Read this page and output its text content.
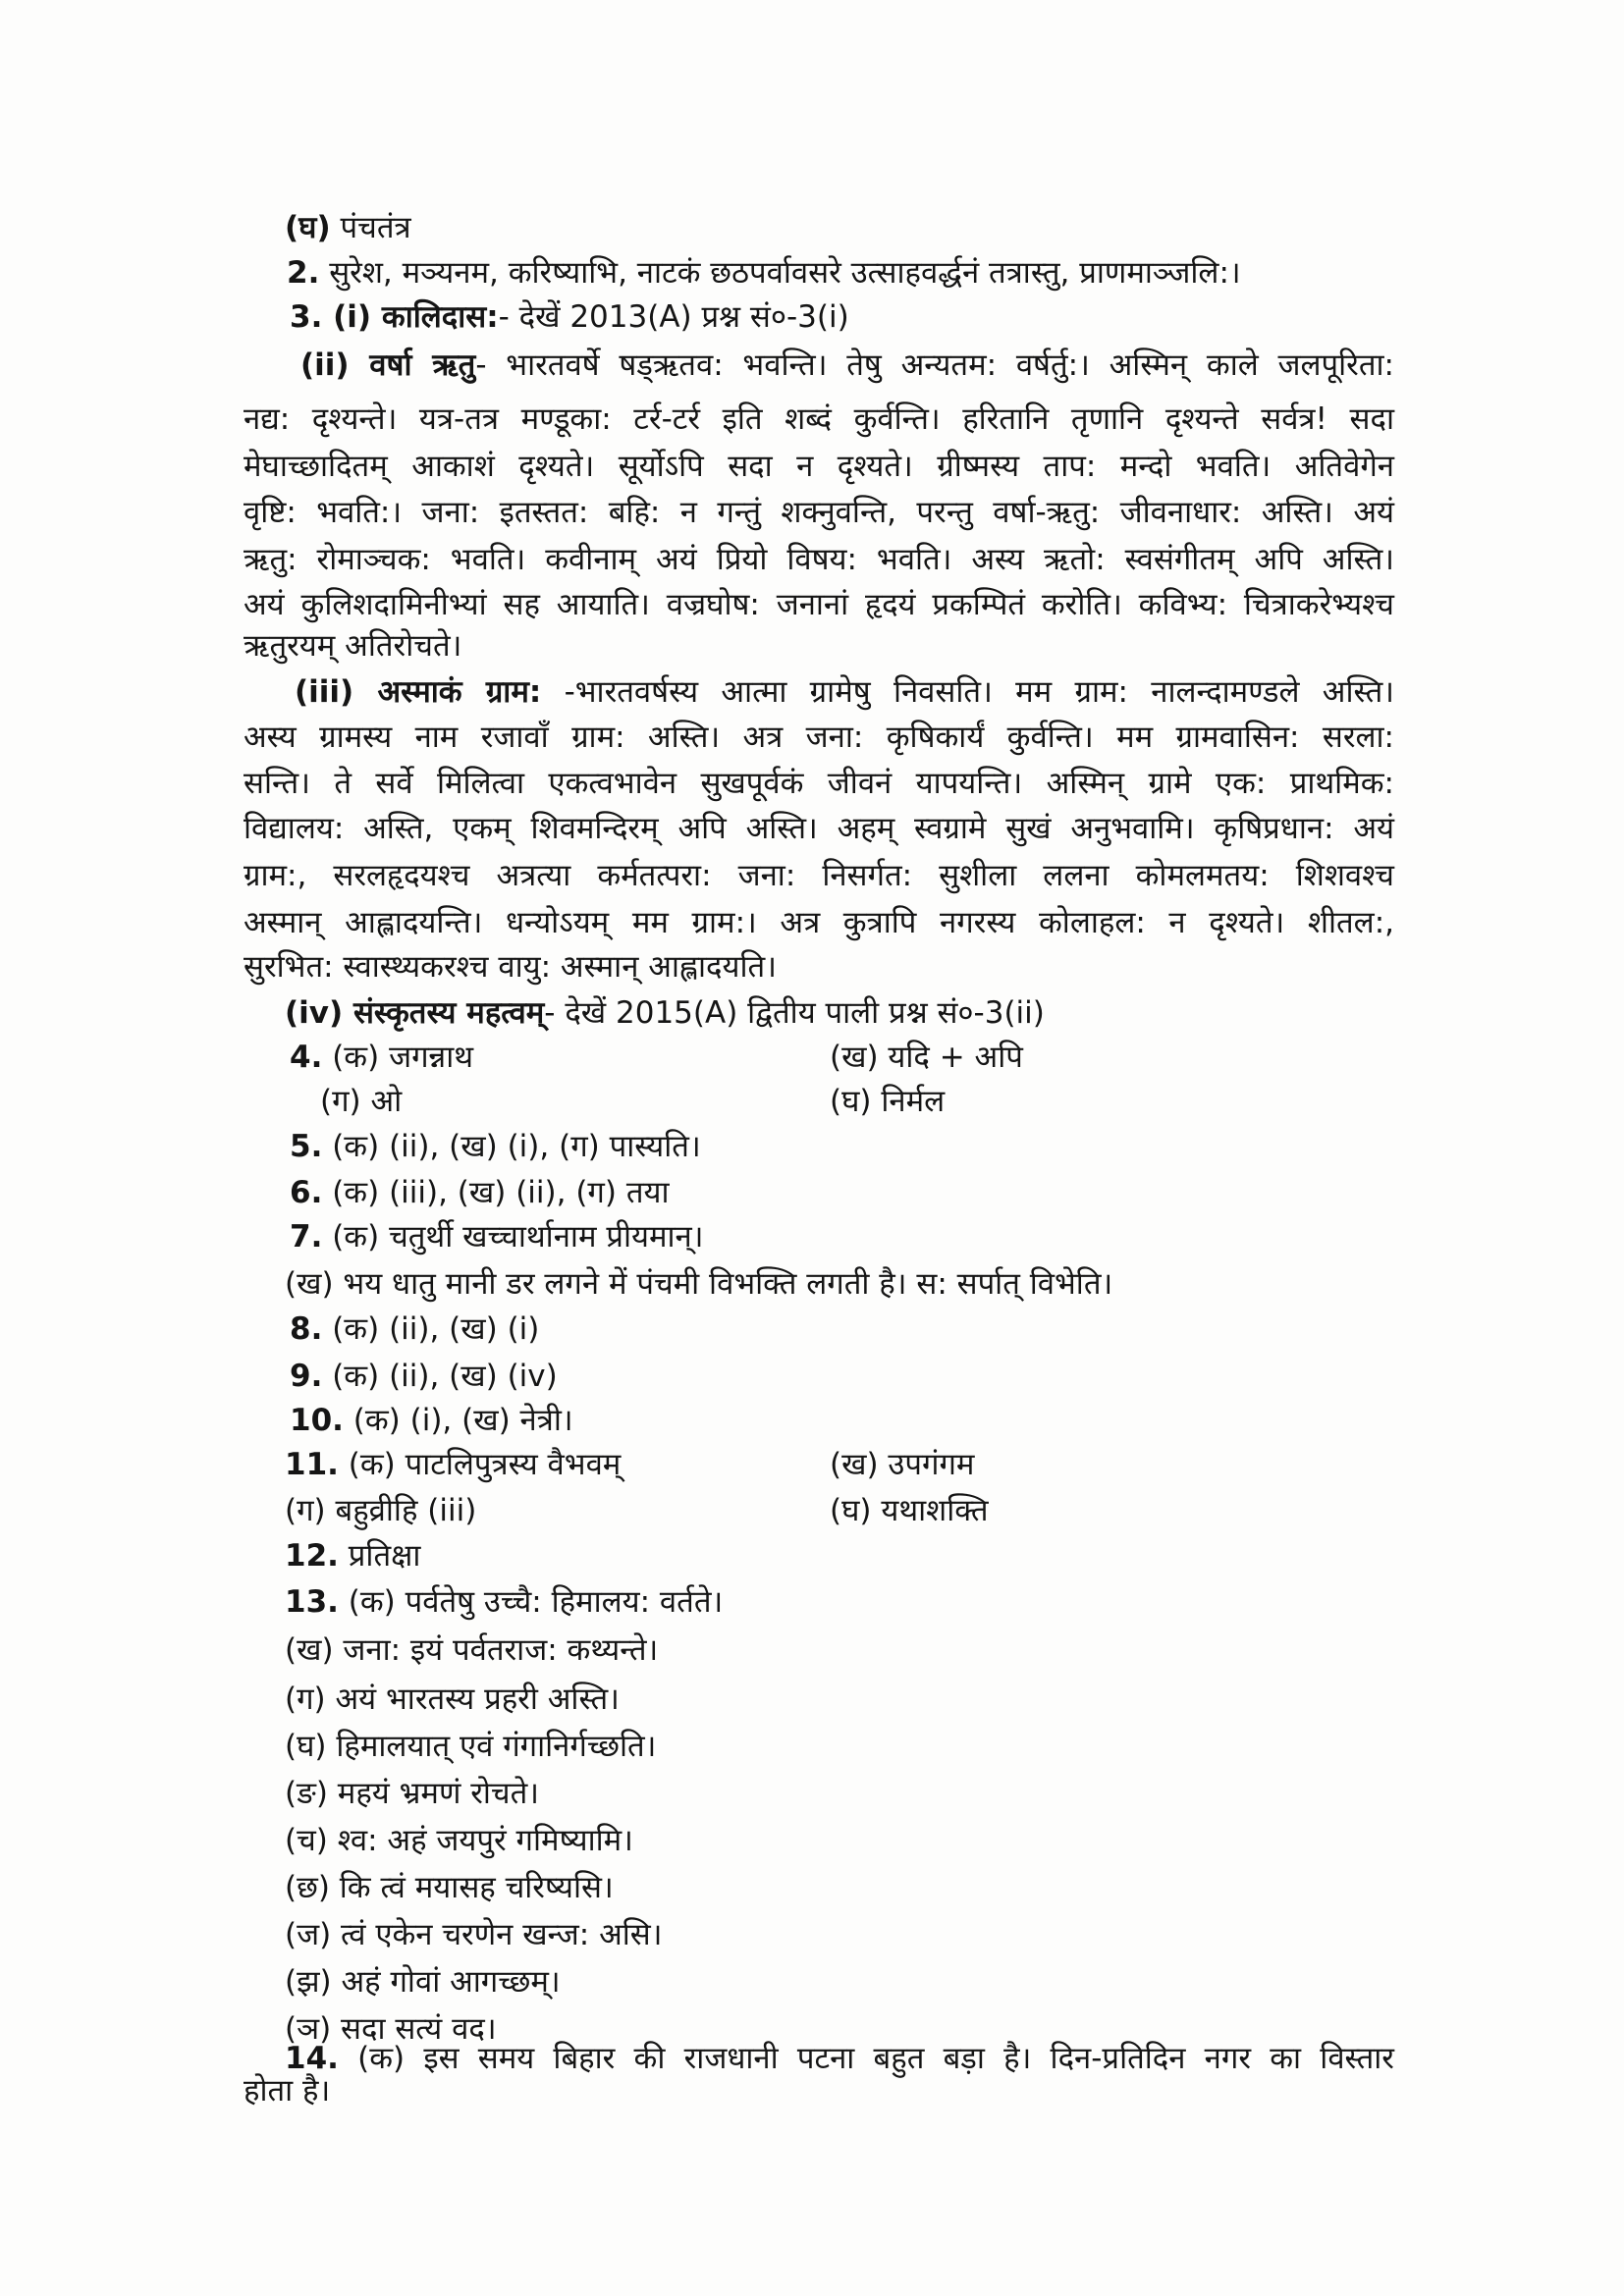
(घ) पंचतंत्र
2. सुरेश, मञ्यनम, करिष्याभि, नाटकं छठपर्वावसरे उत्साहवर्द्धनं तत्रास्तु, प्राणमाञ्जलि:।
3. (i) कालिदास:- देखें 2013(A) प्रश्न सं०-3(i)
(ii) वर्षा ऋतु- भारतवर्षे षड्ऋतव: भवन्ति। तेषु अन्यतम: वर्षर्तु:। अस्मिन् काले जलपूरिता:
नद्य: दृश्यन्ते। यत्र-तत्र मण्डूका: टर्र-टर्र इति शब्दं कुर्वन्ति। हरितानि तृणानि दृश्यन्ते सर्वत्र! सदा
मेघाच्छादितम् आकाशं दृश्यते। सूर्योऽपि सदा न दृश्यते। ग्रीष्मस्य ताप: मन्दो भवति। अतिवेगेन
वृष्टि: भवति:। जना: इतस्तत: बहि: न गन्तुं शक्नुवन्ति, परन्तु वर्षा-ऋतु: जीवनाधार: अस्ति। अयं
ऋतु: रोमाञ्चक: भवति। कवीनाम् अयं प्रियो विषय: भवति। अस्य ऋतो: स्वसंगीतम् अपि अस्ति।
अयं कुलिशदामिनीभ्यां सह आयाति। वज्रघोष: जनानां हृदयं प्रकम्पितं करोति। कविभ्य: चित्राकरेभ्यश्च
ऋतुरयम् अतिरोचते।
(iii) अस्माकं ग्राम: -भारतवर्षस्य आत्मा ग्रामेषु निवसति। मम ग्राम: नालन्दामण्डले अस्ति।
अस्य ग्रामस्य नाम रजावाँ ग्राम: अस्ति। अत्र जना: कृषिकार्यं कुर्वन्ति। मम ग्रामवासिन: सरला:
सन्ति। ते सर्वे मिलित्वा एकत्वभावेन सुखपूर्वकं जीवनं यापयन्ति। अस्मिन् ग्रामे एक: प्राथमिक:
विद्यालय: अस्ति, एकम् शिवमन्दिरम् अपि अस्ति। अहम् स्वग्रामे सुखं अनुभवामि। कृषिप्रधान: अयं
ग्राम:, सरलहृदयश्च अत्रत्या कर्मतत्परा: जना: निसर्गत: सुशीला ललना कोमलमतय: शिशवश्च
अस्मान् आह्लादयन्ति। धन्योऽयम् मम ग्राम:। अत्र कुत्रापि नगरस्य कोलाहल: न दृश्यते। शीतल:,
सुरभित: स्वास्थ्यकरश्च वायु: अस्मान् आह्लादयति।
(iv) संस्कृतस्य महत्वम्- देखें 2015(A) द्वितीय पाली प्रश्न सं०-3(ii)
4. (क) जगन्नाथ	(ख) यदि + अपि
(ग) ओ	(घ) निर्मल
5. (क) (ii), (ख) (i), (ग) पास्यति।
6. (क) (iii), (ख) (ii), (ग) तया
7. (क) चतुर्थी खच्चार्थानाम प्रीयमान्।
(ख) भय धातु मानी डर लगने में पंचमी विभक्ति लगती है। स: सर्पात् विभेति।
8. (क) (ii), (ख) (i)
9. (क) (ii), (ख) (iv)
10. (क) (i), (ख) नेत्री।
11. (क) पाटलिपुत्रस्य वैभवम्	(ख) उपगंगम
(ग) बहुव्रीहि (iii)	(घ) यथाशक्ति
12. प्रतिक्षा
13. (क) पर्वतेषु उच्चै: हिमालय: वर्तते।
(ख) जना: इयं पर्वतराज: कथ्यन्ते।
(ग) अयं भारतस्य प्रहरी अस्ति।
(घ) हिमालयात् एवं गंगानिर्गच्छति।
(ङ) महयं भ्रमणं रोचते।
(च) श्व: अहं जयपुरं गमिष्यामि।
(छ) कि त्वं मयासह चरिष्यसि।
(ज) त्वं एकेन चरणेन खन्ज: असि।
(झ) अहं गोवां आगच्छम्।
(ञ) सदा सत्यं वद।
14. (क) इस समय बिहार की राजधानी पटना बहुत बड़ा है। दिन-प्रतिदिन नगर का विस्तार
होता है।
